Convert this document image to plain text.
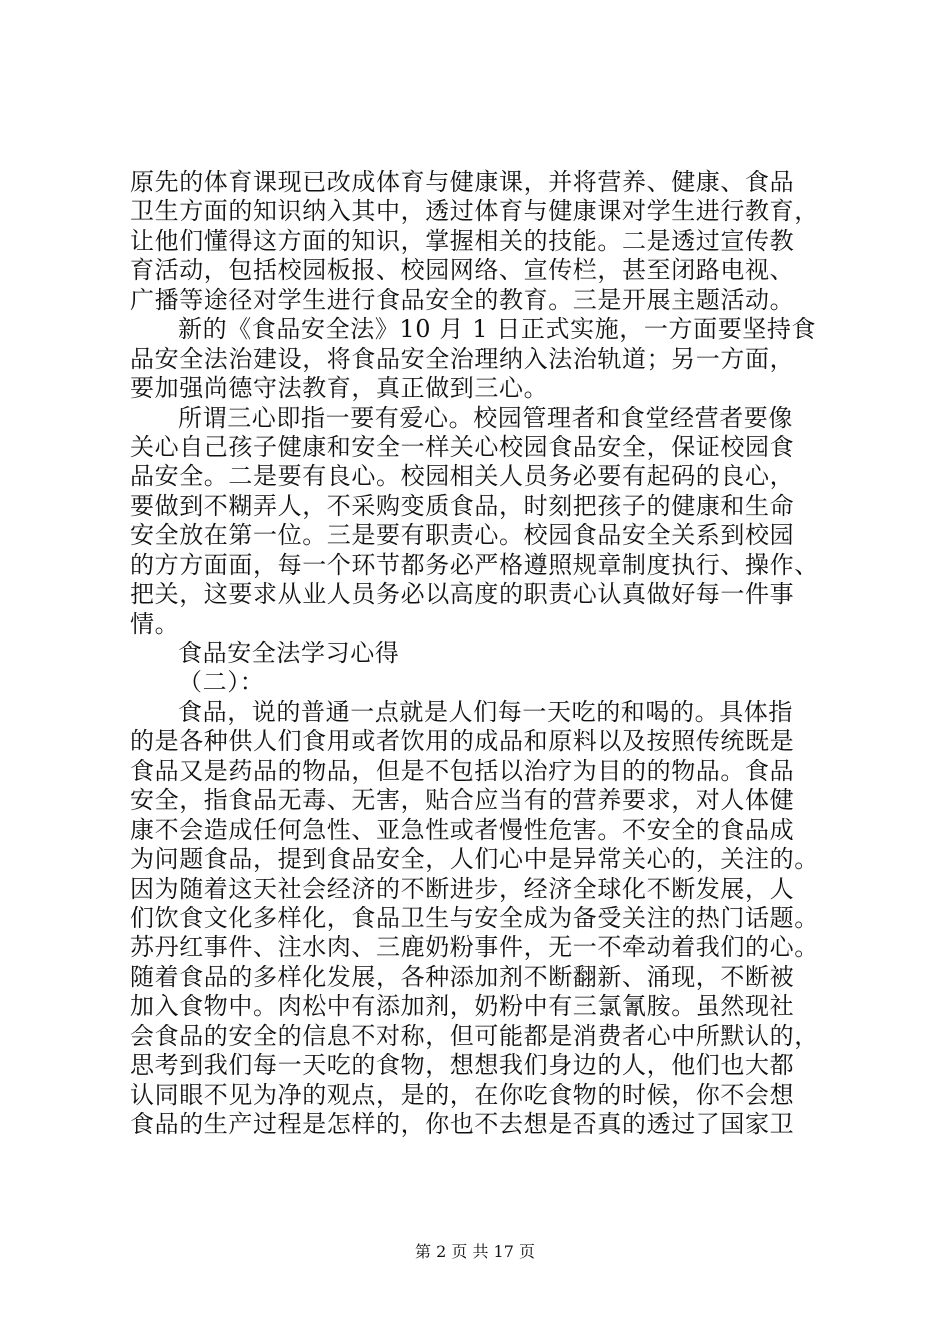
原先的体育课现已改成体育与健康课，并将营养、健康、食品
卫生方面的知识纳入其中，透过体育与健康课对学生进行教育，
让他们懂得这方面的知识，掌握相关的技能。二是透过宣传教
育活动，包括校园板报、校园网络、宣传栏，甚至闭路电视、
广播等途径对学生进行食品安全的教育。三是开展主题活动。
新的《食品安全法》10 月 1 日正式实施，一方面要坚持食
品安全法治建设，将食品安全治理纳入法治轨道；另一方面，
要加强尚德守法教育，真正做到三心。
所谓三心即指一要有爱心。校园管理者和食堂经营者要像
关心自己孩子健康和安全一样关心校园食品安全，保证校园食
品安全。二是要有良心。校园相关人员务必要有起码的良心，
要做到不糊弄人，不采购变质食品，时刻把孩子的健康和生命
安全放在第一位。三是要有职责心。校园食品安全关系到校园
的方方面面，每一个环节都务必严格遵照规章制度执行、操作、
把关，这要求从业人员务必以高度的职责心认真做好每一件事
情。
食品安全法学习心得
（二）：
食品，说的普通一点就是人们每一天吃的和喝的。具体指
的是各种供人们食用或者饮用的成品和原料以及按照传统既是
食品又是药品的物品，但是不包括以治疗为目的的物品。食品
安全，指食品无毒、无害，贴合应当有的营养要求，对人体健
康不会造成任何急性、亚急性或者慢性危害。不安全的食品成
为问题食品，提到食品安全，人们心中是异常关心的，关注的。
因为随着这天社会经济的不断进步，经济全球化不断发展，人
们饮食文化多样化，食品卫生与安全成为备受关注的热门话题。
苏丹红事件、注水肉、三鹿奶粉事件，无一不牵动着我们的心。
随着食品的多样化发展，各种添加剂不断翻新、涌现，不断被
加入食物中。肉松中有添加剂，奶粉中有三氯氰胺。虽然现社
会食品的安全的信息不对称，但可能都是消费者心中所默认的，
思考到我们每一天吃的食物，想想我们身边的人，他们也大都
认同眼不见为净的观点，是的，在你吃食物的时候，你不会想
食品的生产过程是怎样的，你也不去想是否真的透过了国家卫
第 2 页 共 17 页
